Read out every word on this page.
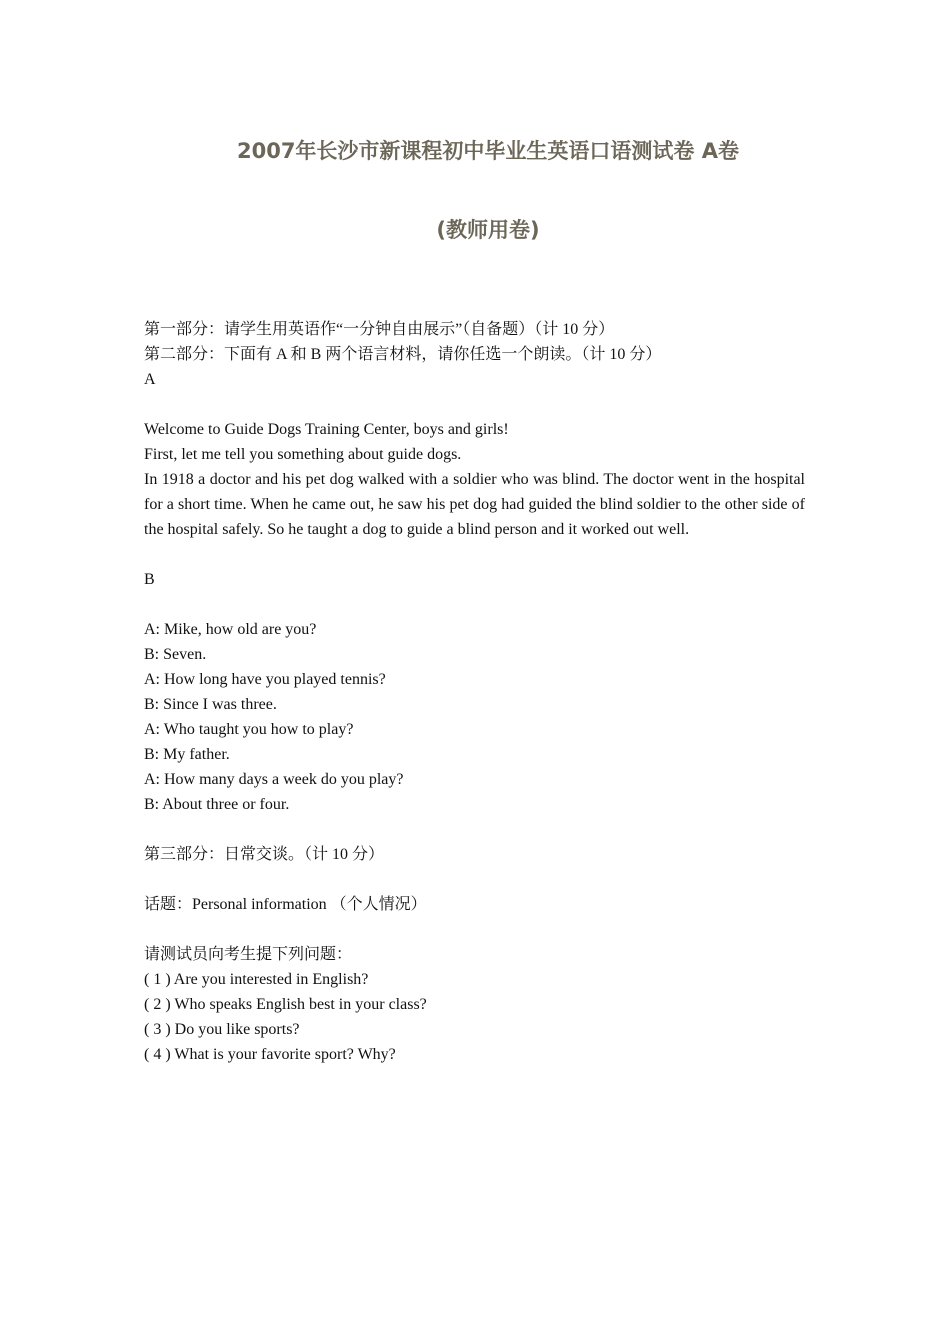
2007年长沙市新课程初中毕业生英语口语测试卷 A卷
(教师用卷)
第一部分：请学生用英语作“一分钟自由展示”（自备题）（计 10 分）
第二部分：下面有 A 和 B 两个语言材料，请你任选一个朗读。（计 10 分）
A
Welcome to Guide Dogs Training Center, boys and girls!
First, let me tell you something about guide dogs.
In 1918 a doctor and his pet dog walked with a soldier who was blind. The doctor went in the hospital for a short time. When he came out, he saw his pet dog had guided the blind soldier to the other side of the hospital safely. So he taught a dog to guide a blind person and it worked out well.
B
A: Mike, how old are you?
B: Seven.
A: How long have you played tennis?
B: Since I was three.
A: Who taught you how to play?
B: My father.
A: How many days a week do you play?
B: About three or four.
第三部分：日常交谈。（计 10 分）
话题：Personal information （个人情况）
请测试员向考生提下列问题：
( 1 ) Are you interested in English?
( 2 ) Who speaks English best in your class?
( 3 ) Do you like sports?
( 4 ) What is your favorite sport? Why?
